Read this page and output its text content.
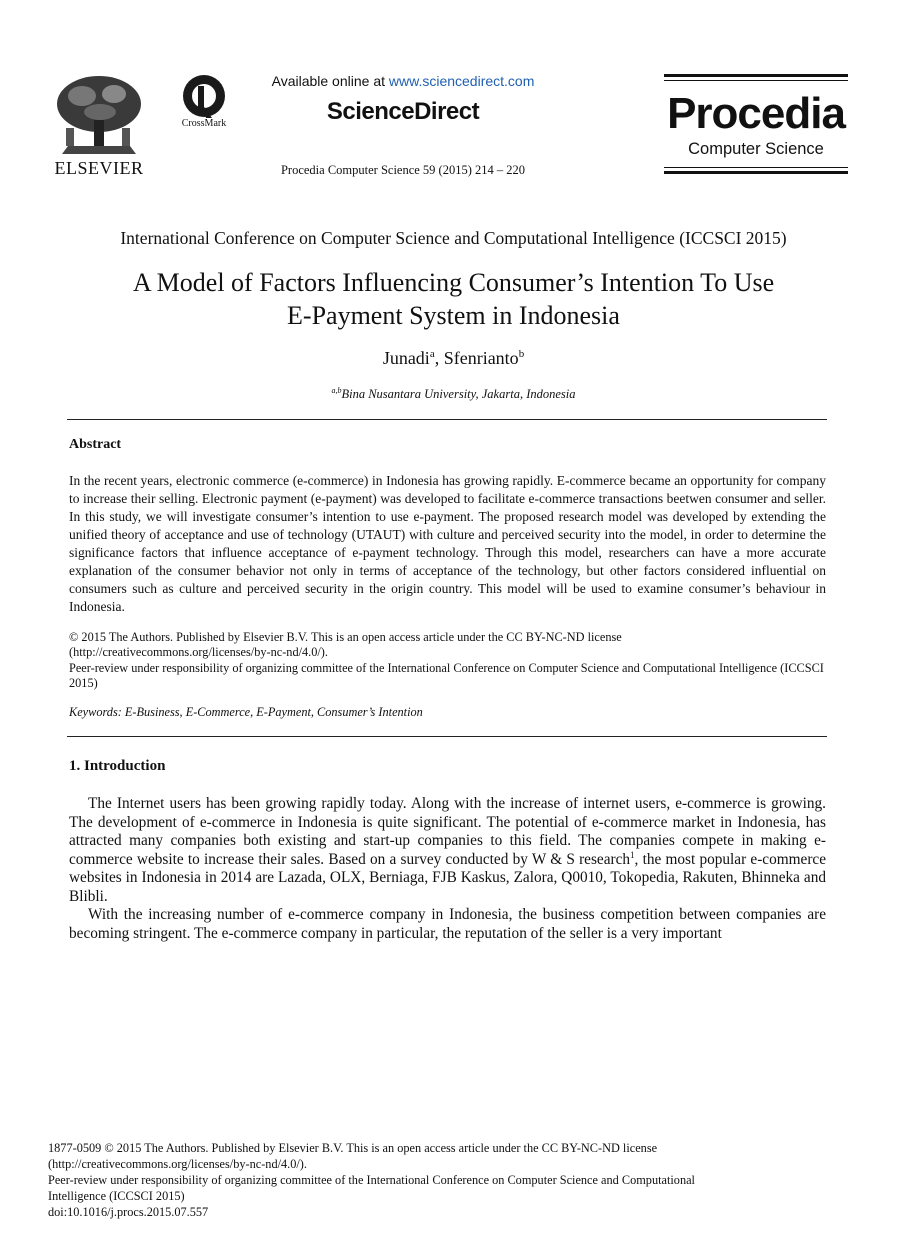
ELSEVIER
CrossMark
Available online at www.sciencedirect.com
ScienceDirect
Procedia Computer Science 59 (2015) 214 – 220
Procedia
Computer Science
International Conference on Computer Science and Computational Intelligence (ICCSCI 2015)
A Model of Factors Influencing Consumer’s Intention To Use
E-Payment System in Indonesia
Junadi$^a$, Sfenrianto$^b$
$^{a,b}$Bina Nusantara University, Jakarta, Indonesia
Abstract
In the recent years, electronic commerce (e-commerce) in Indonesia has growing rapidly. E-commerce became an opportunity for company to increase their selling. Electronic payment (e-payment) was developed to facilitate e-commerce transactions beetwen consumer and seller. In this study, we will investigate consumer’s intention to use e-payment. The proposed research model was developed by extending the unified theory of acceptance and use of technology (UTAUT) with culture and perceived security into the model, in order to determine the significance factors that influence acceptance of e-payment technology. Through this model, researchers can have a more accurate explanation of the consumer behavior not only in terms of acceptance of the technology, but other factors considered influential on consumers such as culture and perceived security in the origin country. This model will be used to examine consumer’s behaviour in Indonesia.
© 2015 The Authors. Published by Elsevier B.V. This is an open access article under the CC BY-NC-ND license
(http://creativecommons.org/licenses/by-nc-nd/4.0/).
Peer-review under responsibility of organizing committee of the International Conference on Computer Science and Computational Intelligence (ICCSCI 2015)
Keywords: E-Business, E-Commerce, E-Payment, Consumer’s Intention
1. Introduction
The Internet users has been growing rapidly today. Along with the increase of internet users, e-commerce is growing. The development of e-commerce in Indonesia is quite significant. The potential of e-commerce market in Indonesia, has attracted many companies both existing and start-up companies to this field. The companies compete in making e-commerce website to increase their sales. Based on a survey conducted by W & S research$^1$, the most popular e-commerce websites in Indonesia in 2014 are Lazada, OLX, Berniaga, FJB Kaskus, Zalora, Q0010, Tokopedia, Rakuten, Bhinneka and Blibli.
With the increasing number of e-commerce company in Indonesia, the business competition between companies are becoming stringent. The e-commerce company in particular, the reputation of the seller is a very important
1877-0509 © 2015 The Authors. Published by Elsevier B.V. This is an open access article under the CC BY-NC-ND license
(http://creativecommons.org/licenses/by-nc-nd/4.0/).
Peer-review under responsibility of organizing committee of the International Conference on Computer Science and Computational
Intelligence (ICCSCI 2015)
doi:10.1016/j.procs.2015.07.557
